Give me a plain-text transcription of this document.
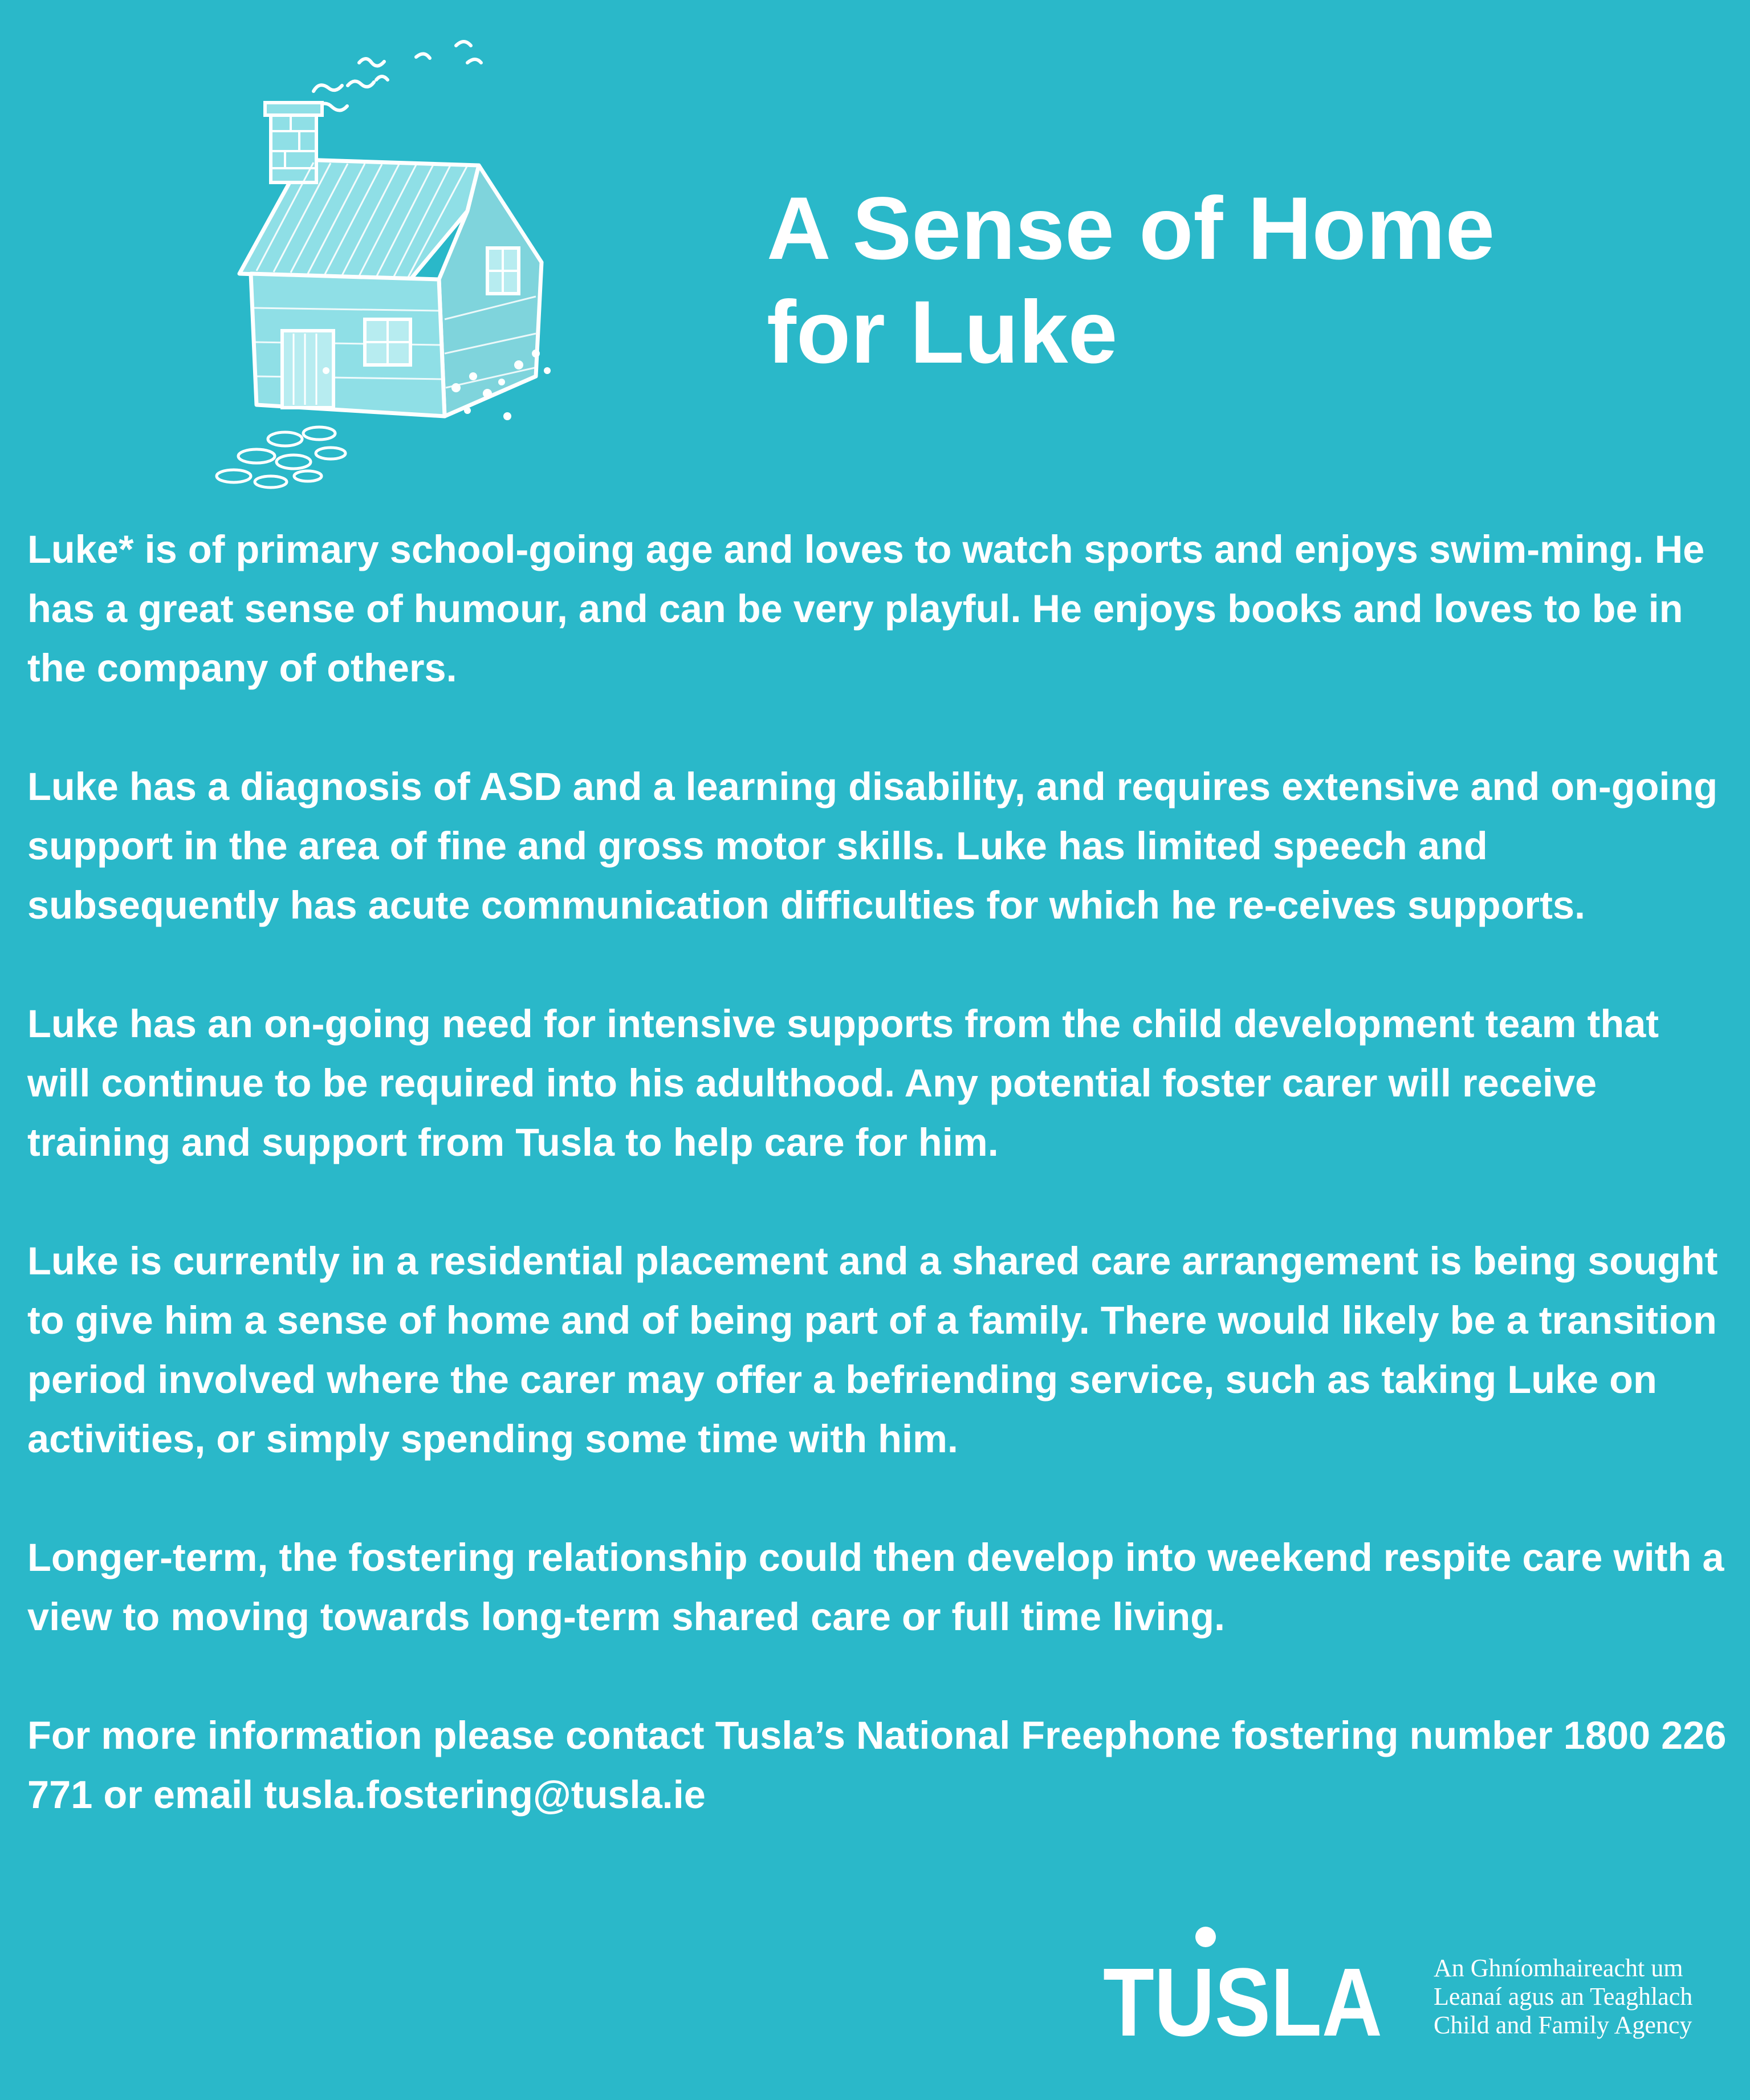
A Sense of Home
for Luke

Luke* is of primary school-going age and loves to watch sports and enjoys swim-ming. He has a great sense of humour, and can be very playful. He enjoys books and loves to be in the company of others.

Luke has a diagnosis of ASD and a learning disability, and requires extensive and on-going support in the area of fine and gross motor skills. Luke has limited speech and subsequently has acute communication difficulties for which he re-ceives supports.

Luke has an on-going need for intensive supports from the child development team that will continue to be required into his adulthood. Any potential foster carer will receive training and support from Tusla to help care for him.

Luke is currently in a residential placement and a shared care arrangement is being sought to give him a sense of home and of being part of a family. There would likely be a transition period involved where the carer may offer a befriending service, such as taking Luke on activities, or simply spending some time with him.

Longer-term, the fostering relationship could then develop into weekend respite care with a view to moving towards long-term shared care or full time living.

For more information please contact Tusla’s National Freephone fostering number 1800 226 771 or email tusla.fostering@tusla.ie

TUSLA An Ghníomhaireacht um
Leanaí agus an Teaghlach
Child and Family Agency
